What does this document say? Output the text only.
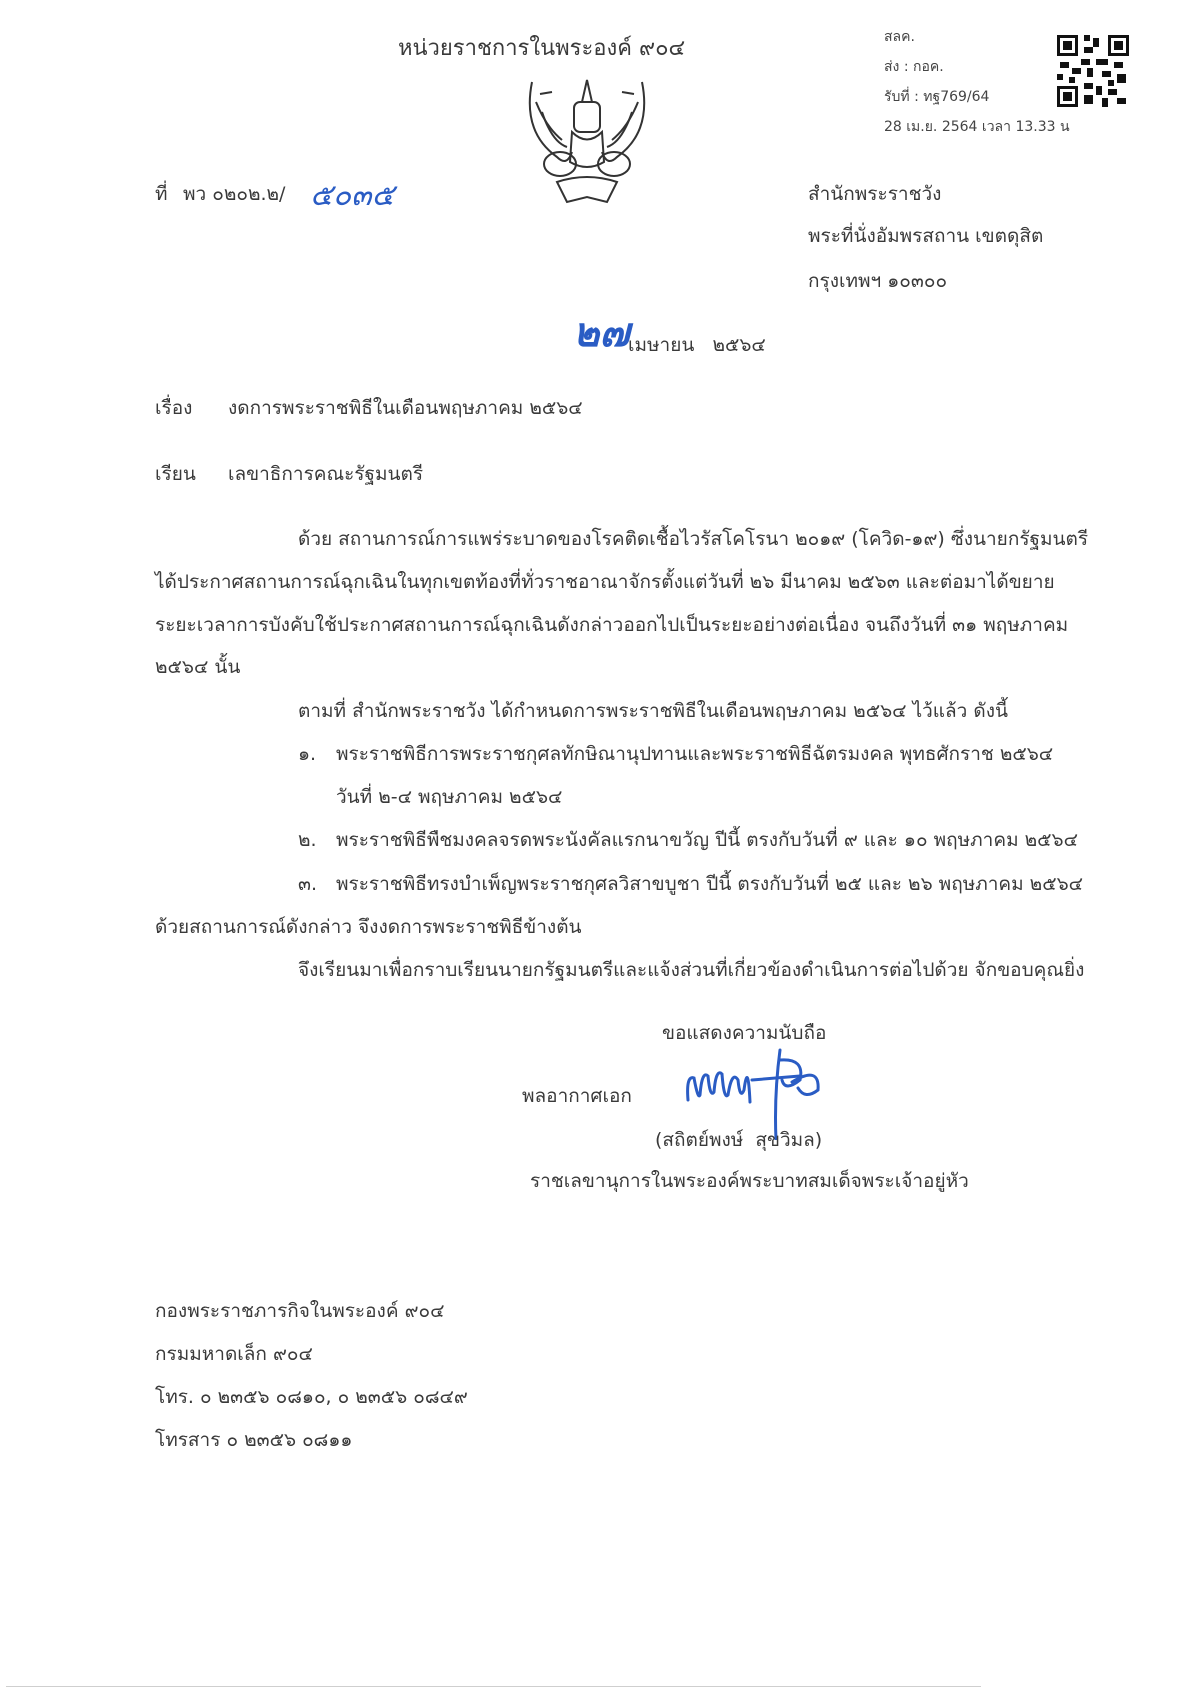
หน่วยราชการในพระองค์ ๙๐๔	สลค.
ส่ง : กอค.
รับที่ : ทฐ769/64
28 เม.ย. 2564 เวลา 13.33 น
ที่ พว ๐๒๐๒.๒/ ๕๐๓๕	สำนักพระราชวัง
พระที่นั่งอัมพรสถาน เขตดุสิต
กรุงเทพฯ ๑๐๓๐๐
๒๗
เมษายน   ๒๕๖๔
เรื่อง งดการพระราชพิธีในเดือนพฤษภาคม ๒๕๖๔
เรียน เลขาธิการคณะรัฐมนตรี
ด้วย สถานการณ์การแพร่ระบาดของโรคติดเชื้อไวรัสโคโรนา ๒๐๑๙ (โควิด-๑๙) ซึ่งนายกรัฐมนตรี
ได้ประกาศสถานการณ์ฉุกเฉินในทุกเขตท้องที่ทั่วราชอาณาจักรตั้งแต่วันที่ ๒๖ มีนาคม ๒๕๖๓ และต่อมาได้ขยาย
ระยะเวลาการบังคับใช้ประกาศสถานการณ์ฉุกเฉินดังกล่าวออกไปเป็นระยะอย่างต่อเนื่อง จนถึงวันที่ ๓๑ พฤษภาคม
๒๕๖๔ นั้น
ตามที่ สำนักพระราชวัง ได้กำหนดการพระราชพิธีในเดือนพฤษภาคม ๒๕๖๔ ไว้แล้ว ดังนี้
๑. พระราชพิธีการพระราชกุศลทักษิณานุปทานและพระราชพิธีฉัตรมงคล พุทธศักราช ๒๕๖๔
วันที่ ๒-๔ พฤษภาคม ๒๕๖๔
๒. พระราชพิธีพืชมงคลจรดพระนังคัลแรกนาขวัญ ปีนี้ ตรงกับวันที่ ๙ และ ๑๐ พฤษภาคม ๒๕๖๔
๓. พระราชพิธีทรงบำเพ็ญพระราชกุศลวิสาขบูชา ปีนี้ ตรงกับวันที่ ๒๕ และ ๒๖ พฤษภาคม ๒๕๖๔
ด้วยสถานการณ์ดังกล่าว จึงงดการพระราชพิธีข้างต้น
จึงเรียนมาเพื่อกราบเรียนนายกรัฐมนตรีและแจ้งส่วนที่เกี่ยวข้องดำเนินการต่อไปด้วย จักขอบคุณยิ่ง
ขอแสดงความนับถือ
พลอากาศเอก
(สถิตย์พงษ์  สุขวิมล)
ราชเลขานุการในพระองค์พระบาทสมเด็จพระเจ้าอยู่หัว
กองพระราชภารกิจในพระองค์ ๙๐๔
กรมมหาดเล็ก ๙๐๔
โทร. ๐ ๒๓๕๖ ๐๘๑๐, ๐ ๒๓๕๖ ๐๘๔๙
โทรสาร ๐ ๒๓๕๖ ๐๘๑๑
